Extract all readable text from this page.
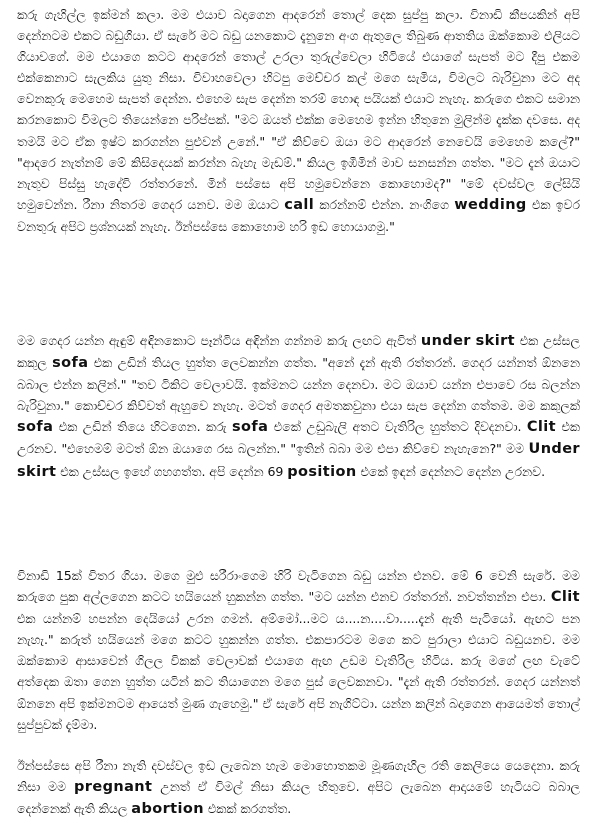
කරු ගැහිල්ල ඉක්මන් කලා. මම එයාව බදාගෙන ආදරෙන් තොල් දෙක සුප්පු කලා. විනාඩි කීපයකින් අපි දෙන්නටම එකට බඩුගියා. ඒ සැරේ මට බඩු යනකොට දැනුනෙ අංග ඇතුලෙ තිබුණ ආතතිය ඔක්කොම එලියට ගියාවගේ. මම එයාගෙ කටට ආදරෙන් තොල් උරලා තුරුල්වෙලා හිටියේ එයාගේ සැපත් මට දීපු එකම එක්කෙනාට සැලකිය යුතු නිසා. විවාහවෙලා හිටපු මෙච්චර කල් මගෙ සැමිය, විමලට බැරිවුනා මට අද වෙනකුරු මෙහෙම සැපත් දෙන්න. එහෙම සැප දෙන්න තරම් හොඳ පයියක් එයාට නැහැ. කරුගෙ එකට සමාන කරනකොට විමලට තියෙන්නෙ පරිප්පක්. "මට ඔයත් එක්ක මෙහෙම ඉන්න හිතුනෙ මුලින්ම දැක්ක දවසෙ. අද තමයි මට ඒක ඉෂ්ට කරගන්න පුළුවන් උනේ." "ඒ කිව්වෙ ඔයා මට ආදරෙන් නෙවෙයි මෙහෙම කලේ?" "ආදරෙ නැත්නම් මේ කිසිදෙයක් කරන්න බැහැ මැඩම්." කියල ඉඹීමින් මාව සනසන්න ගත්ත. "මට දැන් ඔයාට නැතුව පිස්සු හැදේවි රත්තරනේ. මින් පස්සෙ අපි හමුවෙන්නෙ කොහොමද?" "මේ දවස්වල ලේසියි හමුවෙන්න. රීනා නිතරම ගෙදර යනව. මම ඔයාට call කරන්නම් එන්න. නංගිගෙ wedding එක ඉවර වනතුරු අපිට ප්‍රශ්නයක් නැහැ. ඊන්පස්සෙ කොහොම හරි ඉඩ හොයාගමු."
මම ගෙදර යන්න ඇඳුම් අඳිනකොට පෑන්ටිය අඳින්න ගන්නම කරු ලඟට ඇවිත් under skirt එක උස්සල කකුල sofa එක උඩින් තියල හුත්ත ලෙවකන්න ගත්ත. "අනේ දැන් ඇති රත්තරන්. ගෙදර යන්නත් ඕනනෙ බබාල එන්න කලින්." "තව ටිකිට වෙලාවයි. ඉක්මනට යන්න දෙනවා. මට ඔයාව යන්න එපාවෙ රස බලන්න බැරිවුනා." කොච්චර කිව්වත් ඇහුවෙ නැහැ. මටත් ගෙදර අමතකවුනා එයා සැප දෙන්න ගත්තම. මම කකුලක් sofa එක උඩින් තියෙ හිටගෙන. කරු sofa එකේ උඩුබැලි අතට වැතිරිල හුත්තට දිවදනවා. Clit එක උරනව. "එහෙමම් මටත් ඕන ඔයාගෙ රස බලන්න." "ඉතින් බබා මම එපා කිව්වෙ නැහැනෙ?" මම Under skirt එක උස්සල ඉහේ ගහගත්ත. අපි දෙන්න 69 position එකේ ඉඳන් දෙන්නට දෙන්න උරනව.
විනාඩි 15ක් විතර ගියා. මගෙ මුළු සරීරාංගෙම හිරි වැටිගෙන බඩු යන්න එනව. මේ 6 වෙනි සැරේ. මම කරුගෙ පුක අල්ලගෙන කටට හයියෙන් හුකන්න ගත්ත. "මට යන්න එනව රත්තරන්. නවත්තන්න එපා. Clit එක යන්නම් හපන්න දෙයියෝ උරන ගමන්. අම්මෝ...මට ය....න....වා.....දැන් ඇති පැටියෝ. ඇඟට පන නැහැ." කරුත් හයියෙන් මගෙ කටට හුකන්න ගත්ත. එකපාරටම මගෙ කට පුරාලා එයාට බඩුයනව. මම ඔක්කොම ආසාවෙන් ගිලල විකක් වෙලාවක් එයාගෙ ඇඟ උඩම වැතිරිල හිටිය. කරු මගේ ලඟ වැටේ අත්දෙක ඔතා ගෙන හුත්ත යටින් කට තියාගෙන මගෙ පුස් ලෙවකනවා. "දැන් ඇති රත්තරන්. ගෙදර යන්නත් ඕනනෙ අපි ඉක්මනටම ආයෙත් මුණ ගැහෙමු." ඒ සැරේ අපි නැගිට්ටා. යන්න කලින් බදාගෙන ආයෙමත් තොල් සුප්පුවක් දැම්මා.
ඊන්පස්සෙ අපි රීනා නැති දවස්වල ඉඩ ලැබෙන හැම මොහොතකම මූණගැහිල රති කෙලියෙ යෙදෙනා. කරු නිසා මම pregnant උනත් ඒ විමල් නිසා කියල හිතුවෙ. අපිට ලැබෙන ආදායමේ හැටියට බබාල දෙන්නෙක් ඇති කියල abortion එකක් කරගත්ත.
